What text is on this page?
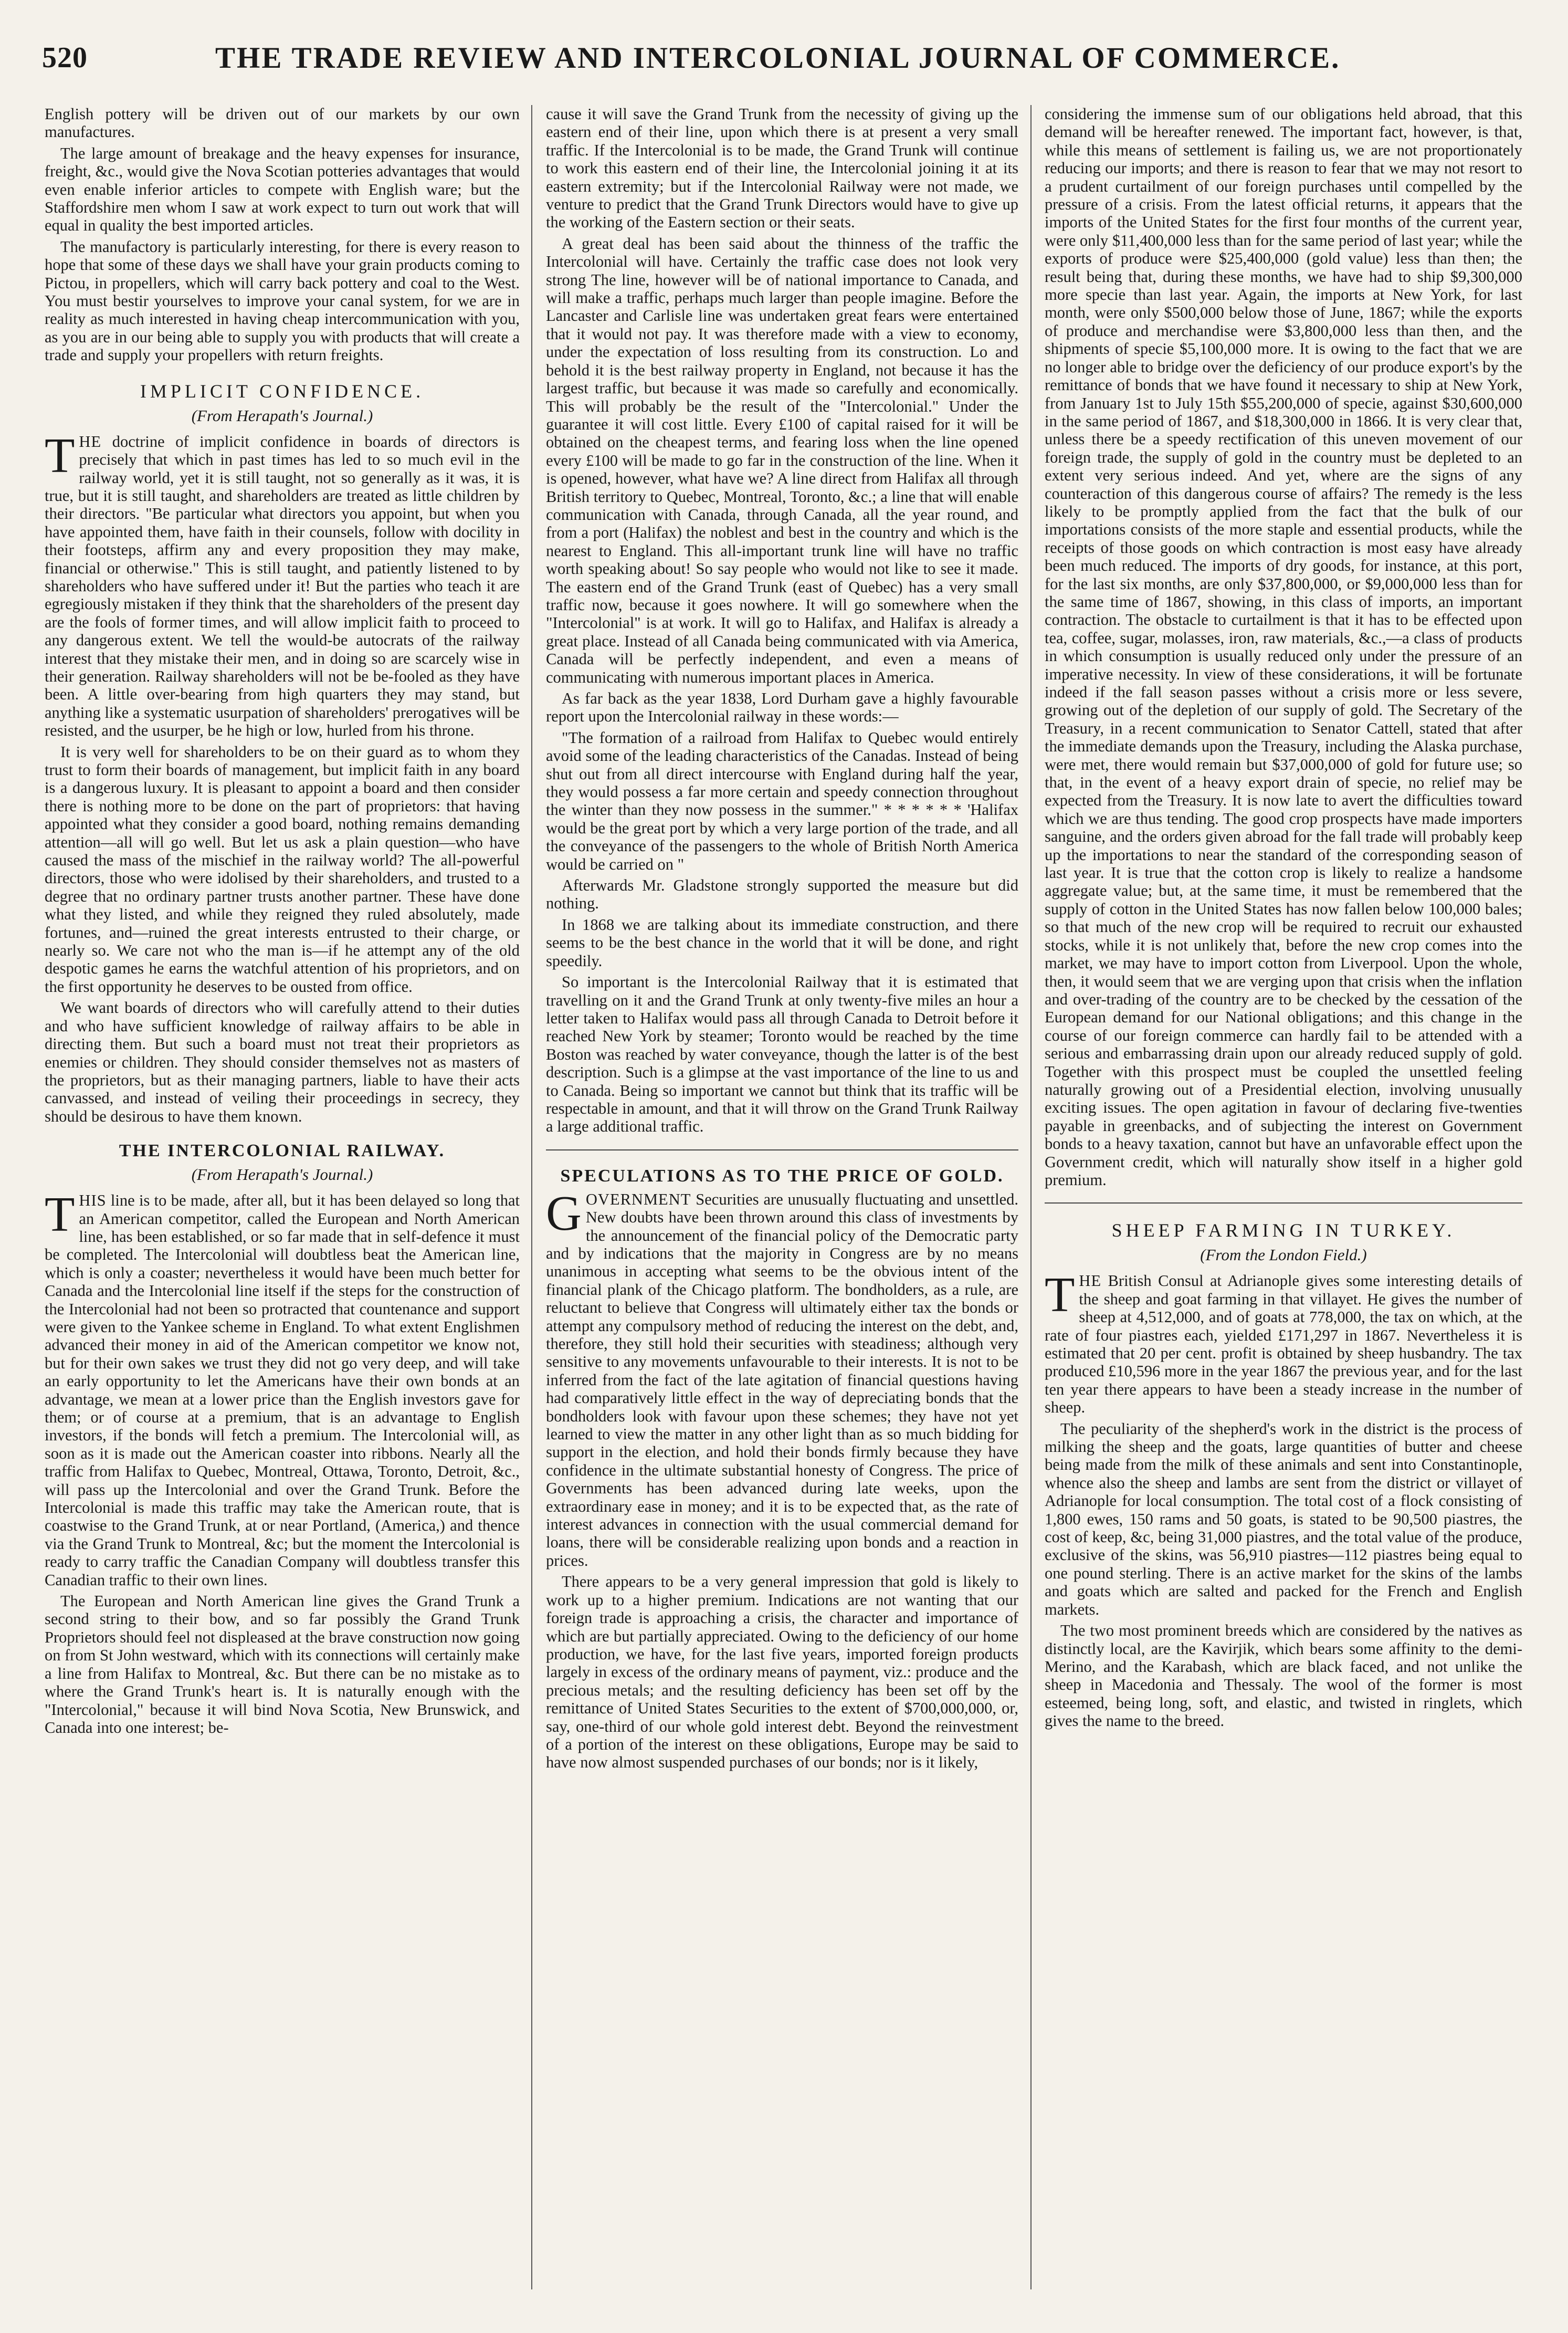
520	THE TRADE REVIEW AND INTERCOLONIAL JOURNAL OF COMMERCE.

English pottery will be driven out of our markets by our own manufactures.

The large amount of breakage and the heavy expenses for insurance, freight, &c., would give the Nova Scotian potteries advantages that would even enable inferior articles to compete with English ware; but the Staffordshire men whom I saw at work expect to turn out work that will equal in quality the best imported articles.

The manufactory is particularly interesting, for there is every reason to hope that some of these days we shall have your grain products coming to Pictou, in propellers, which will carry back pottery and coal to the West. You must bestir yourselves to improve your canal system, for we are in reality as much interested in having cheap intercommunication with you, as you are in our being able to supply you with products that will create a trade and supply your propellers with return freights.

IMPLICIT CONFIDENCE.
(From Herapath's Journal.)

THE doctrine of implicit confidence in boards of directors is precisely that which in past times has led to so much evil in the railway world, yet it is still taught, not so generally as it was, it is true, but it is still taught, and shareholders are treated as little children by their directors. "Be particular what directors you appoint, but when you have appointed them, have faith in their counsels, follow with docility in their footsteps, affirm any and every proposition they may make, financial or otherwise." This is still taught, and patiently listened to by shareholders who have suffered under it! But the parties who teach it are egregiously mistaken if they think that the shareholders of the present day are the fools of former times, and will allow implicit faith to proceed to any dangerous extent. We tell the would-be autocrats of the railway interest that they mistake their men, and in doing so are scarcely wise in their generation. Railway shareholders will not be be-fooled as they have been. A little over-bearing from high quarters they may stand, but anything like a systematic usurpation of shareholders' prerogatives will be resisted, and the usurper, be he high or low, hurled from his throne.

It is very well for shareholders to be on their guard as to whom they trust to form their boards of management, but implicit faith in any board is a dangerous luxury. It is pleasant to appoint a board and then consider there is nothing more to be done on the part of proprietors: that having appointed what they consider a good board, nothing remains demanding attention—all will go well. But let us ask a plain question—who have caused the mass of the mischief in the railway world? The all-powerful directors, those who were idolised by their shareholders, and trusted to a degree that no ordinary partner trusts another partner. These have done what they listed, and while they reigned they ruled absolutely, made fortunes, and—ruined the great interests entrusted to their charge, or nearly so. We care not who the man is—if he attempt any of the old despotic games he earns the watchful attention of his proprietors, and on the first opportunity he deserves to be ousted from office.

We want boards of directors who will carefully attend to their duties and who have sufficient knowledge of railway affairs to be able in directing them. But such a board must not treat their proprietors as enemies or children. They should consider themselves not as masters of the proprietors, but as their managing partners, liable to have their acts canvassed, and instead of veiling their proceedings in secrecy, they should be desirous to have them known.

THE INTERCOLONIAL RAILWAY.
(From Herapath's Journal.)

THIS line is to be made, after all, but it has been delayed so long that an American competitor, called the European and North American line, has been established, or so far made that in self-defence it must be completed. The Intercolonial will doubtless beat the American line, which is only a coaster; nevertheless it would have been much better for Canada and the Intercolonial line itself if the steps for the construction of the Intercolonial had not been so protracted that countenance and support were given to the Yankee scheme in England. To what extent Englishmen advanced their money in aid of the American competitor we know not, but for their own sakes we trust they did not go very deep, and will take an early opportunity to let the Americans have their own bonds at an advantage, we mean at a lower price than the English investors gave for them; or of course at a premium, that is an advantage to English investors, if the bonds will fetch a premium. The Intercolonial will, as soon as it is made out the American coaster into ribbons. Nearly all the traffic from Halifax to Quebec, Montreal, Ottawa, Toronto, Detroit, &c., will pass up the Intercolonial and over the Grand Trunk. Before the Intercolonial is made this traffic may take the American route, that is coastwise to the Grand Trunk, at or near Portland, (America,) and thence via the Grand Trunk to Montreal, &c; but the moment the Intercolonial is ready to carry traffic the Canadian Company will doubtless transfer this Canadian traffic to their own lines.

The European and North American line gives the Grand Trunk a second string to their bow, and so far possibly the Grand Trunk Proprietors should feel not displeased at the brave construction now going on from St John westward, which with its connections will certainly make a line from Halifax to Montreal, &c. But there can be no mistake as to where the Grand Trunk's heart is. It is naturally enough with the "Intercolonial," because it will bind Nova Scotia, New Brunswick, and Canada into one interest; be-

cause it will save the Grand Trunk from the necessity of giving up the eastern end of their line, upon which there is at present a very small traffic. If the Intercolonial is to be made, the Grand Trunk will continue to work this eastern end of their line, the Intercolonial joining it at its eastern extremity; but if the Intercolonial Railway were not made, we venture to predict that the Grand Trunk Directors would have to give up the working of the Eastern section or their seats.

A great deal has been said about the thinness of the traffic the Intercolonial will have. Certainly the traffic case does not look very strong The line, however will be of national importance to Canada, and will make a traffic, perhaps much larger than people imagine. Before the Lancaster and Carlisle line was undertaken great fears were entertained that it would not pay. It was therefore made with a view to economy, under the expectation of loss resulting from its construction. Lo and behold it is the best railway property in England, not because it has the largest traffic, but because it was made so carefully and economically. This will probably be the result of the "Intercolonial." Under the guarantee it will cost little. Every £100 of capital raised for it will be obtained on the cheapest terms, and fearing loss when the line opened every £100 will be made to go far in the construction of the line. When it is opened, however, what have we? A line direct from Halifax all through British territory to Quebec, Montreal, Toronto, &c.; a line that will enable communication with Canada, through Canada, all the year round, and from a port (Halifax) the noblest and best in the country and which is the nearest to England. This all-important trunk line will have no traffic worth speaking about! So say people who would not like to see it made. The eastern end of the Grand Trunk (east of Quebec) has a very small traffic now, because it goes nowhere. It will go somewhere when the "Intercolonial" is at work. It will go to Halifax, and Halifax is already a great place. Instead of all Canada being communicated with via America, Canada will be perfectly independent, and even a means of communicating with numerous important places in America.

As far back as the year 1838, Lord Durham gave a highly favourable report upon the Intercolonial railway in these words:—

"The formation of a railroad from Halifax to Quebec would entirely avoid some of the leading characteristics of the Canadas. Instead of being shut out from all direct intercourse with England during half the year, they would possess a far more certain and speedy connection throughout the winter than they now possess in the summer." * * * * * * 'Halifax would be the great port by which a very large portion of the trade, and all the conveyance of the passengers to the whole of British North America would be carried on "

Afterwards Mr. Gladstone strongly supported the measure but did nothing.

In 1868 we are talking about its immediate construction, and there seems to be the best chance in the world that it will be done, and right speedily.

So important is the Intercolonial Railway that it is estimated that travelling on it and the Grand Trunk at only twenty-five miles an hour a letter taken to Halifax would pass all through Canada to Detroit before it reached New York by steamer; Toronto would be reached by the time Boston was reached by water conveyance, though the latter is of the best description. Such is a glimpse at the vast importance of the line to us and to Canada. Being so important we cannot but think that its traffic will be respectable in amount, and that it will throw on the Grand Trunk Railway a large additional traffic.

SPECULATIONS AS TO THE PRICE OF GOLD.

GOVERNMENT Securities are unusually fluctuating and unsettled. New doubts have been thrown around this class of investments by the announcement of the financial policy of the Democratic party and by indications that the majority in Congress are by no means unanimous in accepting what seems to be the obvious intent of the financial plank of the Chicago platform. The bondholders, as a rule, are reluctant to believe that Congress will ultimately either tax the bonds or attempt any compulsory method of reducing the interest on the debt, and, therefore, they still hold their securities with steadiness; although very sensitive to any movements unfavourable to their interests. It is not to be inferred from the fact of the late agitation of financial questions having had comparatively little effect in the way of depreciating bonds that the bondholders look with favour upon these schemes; they have not yet learned to view the matter in any other light than as so much bidding for support in the election, and hold their bonds firmly because they have confidence in the ultimate substantial honesty of Congress. The price of Governments has been advanced during late weeks, upon the extraordinary ease in money; and it is to be expected that, as the rate of interest advances in connection with the usual commercial demand for loans, there will be considerable realizing upon bonds and a reaction in prices.

There appears to be a very general impression that gold is likely to work up to a higher premium. Indications are not wanting that our foreign trade is approaching a crisis, the character and importance of which are but partially appreciated. Owing to the deficiency of our home production, we have, for the last five years, imported foreign products largely in excess of the ordinary means of payment, viz.: produce and the precious metals; and the resulting deficiency has been set off by the remittance of United States Securities to the extent of $700,000,000, or, say, one-third of our whole gold interest debt. Beyond the reinvestment of a portion of the interest on these obligations, Europe may be said to have now almost suspended purchases of our bonds; nor is it likely,

considering the immense sum of our obligations held abroad, that this demand will be hereafter renewed. The important fact, however, is that, while this means of settlement is failing us, we are not proportionately reducing our imports; and there is reason to fear that we may not resort to a prudent curtailment of our foreign purchases until compelled by the pressure of a crisis. From the latest official returns, it appears that the imports of the United States for the first four months of the current year, were only $11,400,000 less than for the same period of last year; while the exports of produce were $25,400,000 (gold value) less than then; the result being that, during these months, we have had to ship $9,300,000 more specie than last year. Again, the imports at New York, for last month, were only $500,000 below those of June, 1867; while the exports of produce and merchandise were $3,800,000 less than then, and the shipments of specie $5,100,000 more. It is owing to the fact that we are no longer able to bridge over the deficiency of our produce export's by the remittance of bonds that we have found it necessary to ship at New York, from January 1st to July 15th $55,200,000 of specie, against $30,600,000 in the same period of 1867, and $18,300,000 in 1866. It is very clear that, unless there be a speedy rectification of this uneven movement of our foreign trade, the supply of gold in the country must be depleted to an extent very serious indeed. And yet, where are the signs of any counteraction of this dangerous course of affairs? The remedy is the less likely to be promptly applied from the fact that the bulk of our importations consists of the more staple and essential products, while the receipts of those goods on which contraction is most easy have already been much reduced. The imports of dry goods, for instance, at this port, for the last six months, are only $37,800,000, or $9,000,000 less than for the same time of 1867, showing, in this class of imports, an important contraction. The obstacle to curtailment is that it has to be effected upon tea, coffee, sugar, molasses, iron, raw materials, &c.,—a class of products in which consumption is usually reduced only under the pressure of an imperative necessity. In view of these considerations, it will be fortunate indeed if the fall season passes without a crisis more or less severe, growing out of the depletion of our supply of gold. The Secretary of the Treasury, in a recent communication to Senator Cattell, stated that after the immediate demands upon the Treasury, including the Alaska purchase, were met, there would remain but $37,000,000 of gold for future use; so that, in the event of a heavy export drain of specie, no relief may be expected from the Treasury. It is now late to avert the difficulties toward which we are thus tending. The good crop prospects have made importers sanguine, and the orders given abroad for the fall trade will probably keep up the importations to near the standard of the corresponding season of last year. It is true that the cotton crop is likely to realize a handsome aggregate value; but, at the same time, it must be remembered that the supply of cotton in the United States has now fallen below 100,000 bales; so that much of the new crop will be required to recruit our exhausted stocks, while it is not unlikely that, before the new crop comes into the market, we may have to import cotton from Liverpool. Upon the whole, then, it would seem that we are verging upon that crisis when the inflation and over-trading of the country are to be checked by the cessation of the European demand for our National obligations; and this change in the course of our foreign commerce can hardly fail to be attended with a serious and embarrassing drain upon our already reduced supply of gold. Together with this prospect must be coupled the unsettled feeling naturally growing out of a Presidential election, involving unusually exciting issues. The open agitation in favour of declaring five-twenties payable in greenbacks, and of subjecting the interest on Government bonds to a heavy taxation, cannot but have an unfavorable effect upon the Government credit, which will naturally show itself in a higher gold premium.

SHEEP FARMING IN TURKEY.
(From the London Field.)

THE British Consul at Adrianople gives some interesting details of the sheep and goat farming in that villayet. He gives the number of sheep at 4,512,000, and of goats at 778,000, the tax on which, at the rate of four piastres each, yielded £171,297 in 1867. Nevertheless it is estimated that 20 per cent. profit is obtained by sheep husbandry. The tax produced £10,596 more in the year 1867 the previous year, and for the last ten year there appears to have been a steady increase in the number of sheep.

The peculiarity of the shepherd's work in the district is the process of milking the sheep and the goats, large quantities of butter and cheese being made from the milk of these animals and sent into Constantinople, whence also the sheep and lambs are sent from the district or villayet of Adrianople for local consumption. The total cost of a flock consisting of 1,800 ewes, 150 rams and 50 goats, is stated to be 90,500 piastres, the cost of keep, &c, being 31,000 piastres, and the total value of the produce, exclusive of the skins, was 56,910 piastres—112 piastres being equal to one pound sterling. There is an active market for the skins of the lambs and goats which are salted and packed for the French and English markets.

The two most prominent breeds which are considered by the natives as distinctly local, are the Kavirjik, which bears some affinity to the demi-Merino, and the Karabash, which are black faced, and not unlike the sheep in Macedonia and Thessaly. The wool of the former is most esteemed, being long, soft, and elastic, and twisted in ringlets, which gives the name to the breed.
